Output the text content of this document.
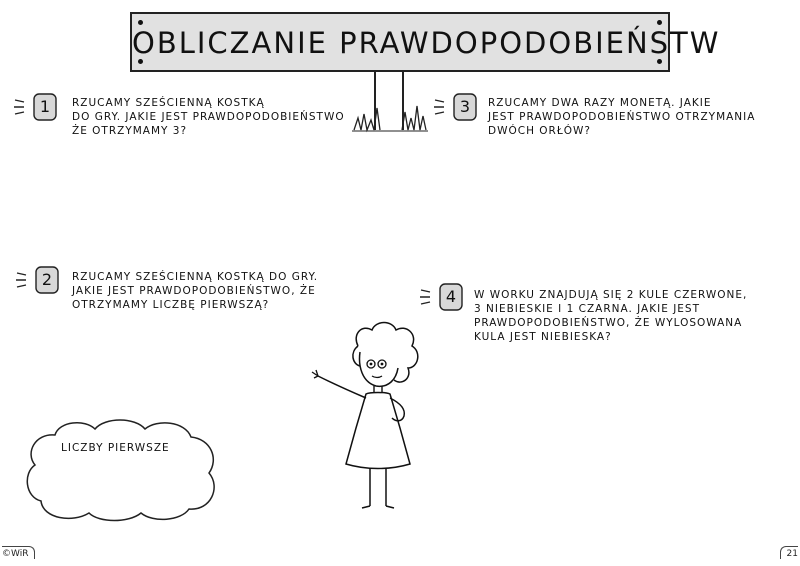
OBLICZANIE PRAWDOPODOBIEŃSTW
1	RZUCAMY SZEŚCIENNĄ KOSTKĄ
DO GRY. JAKIE JEST PRAWDOPODOBIEŃSTWO
ŻE OTRZYMAMY 3?
3	RZUCAMY DWA RAZY MONETĄ. JAKIE
JEST PRAWDOPODOBIEŃSTWO OTRZYMANIA
DWÓCH ORŁÓW?
2	RZUCAMY SZEŚCIENNĄ KOSTKĄ DO GRY.
JAKIE JEST PRAWDOPODOBIEŃSTWO, ŻE
OTRZYMAMY LICZBĘ PIERWSZĄ?	4	W WORKU ZNAJDUJĄ SIĘ 2 KULE CZERWONE,
3 NIEBIESKIE I 1 CZARNA. JAKIE JEST
PRAWDOPODOBIEŃSTWO, ŻE WYLOSOWANA
KULA JEST NIEBIESKA?
LICZBY PIERWSZE
©WiR	21
